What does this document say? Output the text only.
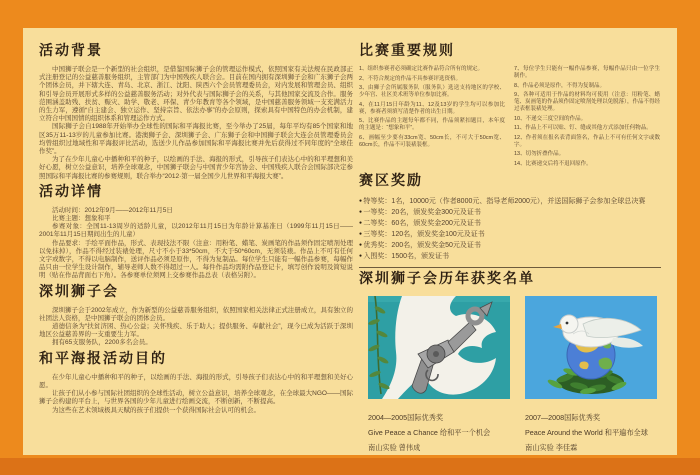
活动背景

中国狮子联会是一个新型的社会组织，是借鉴国际狮子会的管理运作模式，依照国家有关法规在民政部正式注册登记的公益慈善服务组织，主管部门为中国残疾人联合会。目前在国内拥有深圳狮子会和广东狮子会两个团体会员，并下辖大连、青岛、北京、浙江、沈阳、陕西六个会员管理委员会，对内发展和管理会员、组织和引导会员开展形式多样的公益慈善服务活动；对外代表与国际狮子会的关系，与其他国家交流及合作。服务范围涵盖助残、扶贫、赈灾、助学、敬老、环保、青少年教育等各个领域，是中国慈善服务领域一支充满活力的生力军，遵循“自主建会、独立运作、坚持宗旨、依法办事”的办会原则，探索具有中国特色的办会机制，建立符合中国国情的组织体系和管理运作方式。

国际狮子会自1988年开始举办全球性的国际和平海报比赛，至今举办了25届，每年平均有85个国家和地区35万11-13岁的儿童参加比赛。港澳狮子会、深圳狮子会、广东狮子会和中国狮子联会大连会员管理委员会均曾组织过地域性和平海报评比活动，选送少儿作品参加国际和平海报比赛并先后获得过不同年度的“全球佳作奖”。

为了在少年儿童心中播种和平的种子，以绘画的手法、海报的形式，引导孩子们表达心中的和平理想和美好心愿，树立公益意识，培养全球观念，中国狮子联会与中国青少年宫协会、中国残疾人联合会国际部决定参照国际和平海报比赛的参赛规则，联合举办“2012·第一届全国少儿世界和平海报大赛”。

活动详情

活动时间：2012年9月——2012年11月5日

比赛主题：想象和平

参赛对象：全国11-13周岁的适龄儿童，以2012年11月15日为年龄计算基准日（1999年11月15日——2001年11月15日期间出生的儿童）

作品要求：手绘平面作品，形式、表现技法不限（注意：用粉笔、蜡笔、炭画笔的作品须作固定喷剂处理以免抹掉），作品不得经过装裱处理，尺寸不小于33*50cm，不大于50*60cm，无须装裱。作品上不可有任何文字或数字，不得以电脑制作，送评作品必须是原作，不得为复制品。每位学生只能有一幅作品参赛，每幅作品只由一位学生设计制作，辅导老师人数不得超过一人。每件作品均需附作品登记卡，填写创作说明及简短说明（贴在作品背面右下角）。各参赛单位须网上交参赛作品总表（表格另附）。

深圳狮子会

深圳狮子会于2002年成立，作为新型的公益慈善服务组织，依照国家相关法律正式注册成立，具有独立的社团法人资格，是中国狮子联会的团体会员。

道德信条为“扶贫济困、热心公益；关怀残疾、乐于助人；提供服务、奉献社会”，现今已成为活跃于深圳地区公益慈善界的一支重要生力军。

拥有65支服务队，2200多名会员。

和平海报活动目的

在少年儿童心中播种和平的种子，以绘画的手法、海报的形式，引导孩子们表达心中的和平理想和美好心愿。

让孩子们从小参与国际社团组织的全球性活动，树立公益意识，培养全球观念，在全球最大NGO——国际狮子会构建的平台上，与世界各国的少年儿童进行绘画交流，不断创新，不断提高。

为这些在艺术领域极具天赋的孩子们提供一个获得国际社会认可的机会。

比赛重要规则

1、组织参赛者必须确定比赛作品符合所有的规定。

2、不符合规定的作品不具参赛评选资格。

3、由狮子会所属服务队（服务队）选送支持地区的学校、少年宫、社区美术班等单位参加比赛。

4、在11月15日年龄为11、12及13岁的学生均可以参加比赛，参赛者须填写清楚作者的出生日期。

5、比赛作品的主题每年都不同，作品须紧扣题目，本年度的主题是：“想象和平”。

6、画幅至少要有33cm宽、50cm长，不可大于50cm宽、60cm长，作品不可装裱装框。

7、每位学生只能有一幅作品参赛，每幅作品只由一位学生制作。

8、作品必须是原作，不得为复制品。

9、各种可适用于作品的材料均可使用（注意：用粉笔、蜡笔、炭画笔的作品须作固定喷剂处理以免脱落），作品不得经过表框装裱处理。

10、不递交三度空间的作品。

11、作品上不可以贴、钉、缝或其他方式添加任何物品。

12、作者须在报名表背面签名，作品上不可有任何文字或数字。

13、切勿折叠作品。

14、比赛递交后将不退回原作。

赛区奖励

● 特等奖：1名，10000元（作者8000元、指导老师2000元），并送国际狮子会参加全球总决赛

● 一等奖：20名，颁发奖金300元及证书

● 二等奖：60名，颁发奖金200元及证书

● 三等奖：120名，颁发奖金100元及证书

● 优秀奖：200名，颁发奖金50元及证书

● 入围奖：1500名，颁发证书

深圳狮子会历年获奖名单
2004—2005国际优秀奖
Give Peace a Chance 给和平一个机会
南山实验 曾伟成
2007—2008国际优秀奖
Peace Around the World 和平遍布全球
南山实验 李佳霖
